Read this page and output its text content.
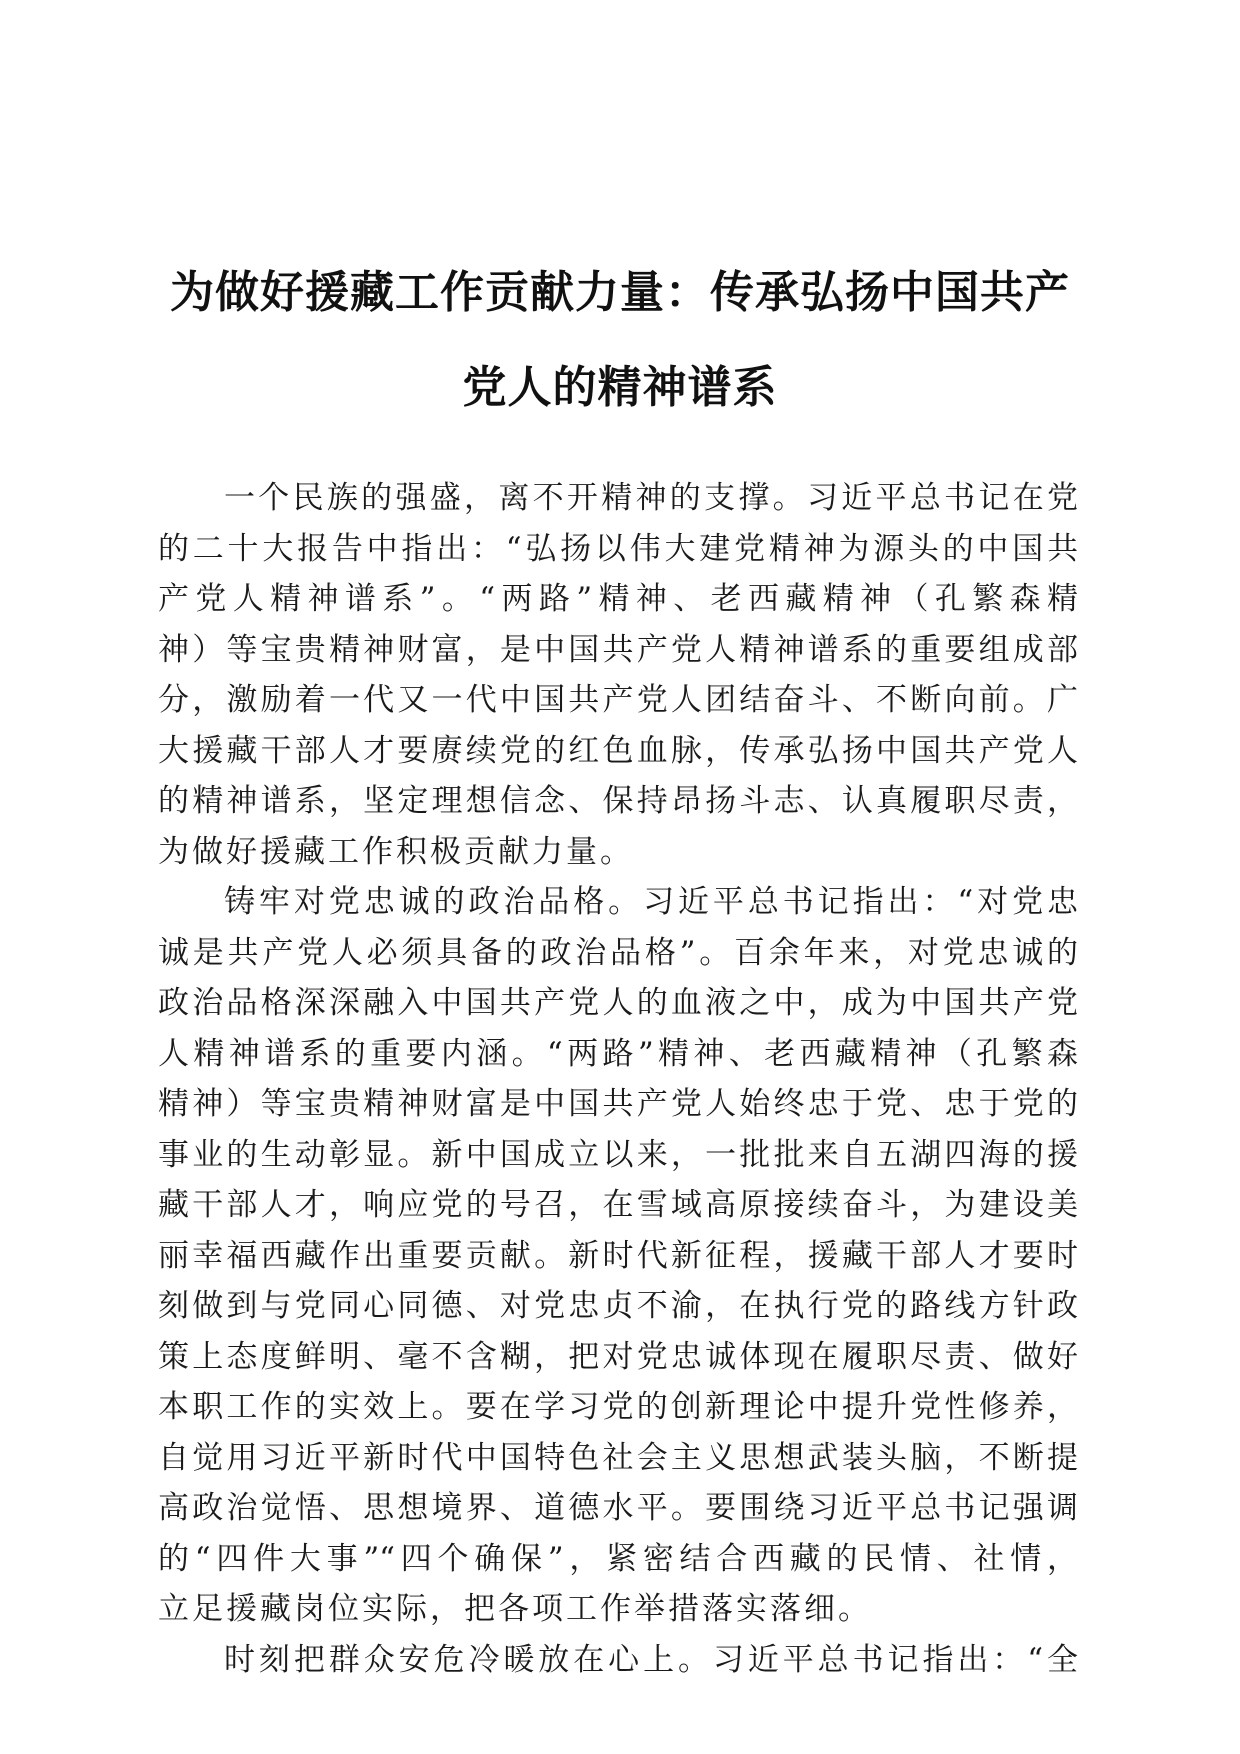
为做好援藏工作贡献力量：传承弘扬中国共产
党人的精神谱系
一个民族的强盛，离不开精神的支撑。习近平总书记在党
的二十大报告中指出：“弘扬以伟大建党精神为源头的中国共
产党人精神谱系”。“两路”精神、老西藏精神（孔繁森精
神）等宝贵精神财富，是中国共产党人精神谱系的重要组成部
分，激励着一代又一代中国共产党人团结奋斗、不断向前。广
大援藏干部人才要赓续党的红色血脉，传承弘扬中国共产党人
的精神谱系，坚定理想信念、保持昂扬斗志、认真履职尽责，
为做好援藏工作积极贡献力量。
铸牢对党忠诚的政治品格。习近平总书记指出：“对党忠
诚是共产党人必须具备的政治品格”。百余年来，对党忠诚的
政治品格深深融入中国共产党人的血液之中，成为中国共产党
人精神谱系的重要内涵。“两路”精神、老西藏精神（孔繁森
精神）等宝贵精神财富是中国共产党人始终忠于党、忠于党的
事业的生动彰显。新中国成立以来，一批批来自五湖四海的援
藏干部人才，响应党的号召，在雪域高原接续奋斗，为建设美
丽幸福西藏作出重要贡献。新时代新征程，援藏干部人才要时
刻做到与党同心同德、对党忠贞不渝，在执行党的路线方针政
策上态度鲜明、毫不含糊，把对党忠诚体现在履职尽责、做好
本职工作的实效上。要在学习党的创新理论中提升党性修养，
自觉用习近平新时代中国特色社会主义思想武装头脑，不断提
高政治觉悟、思想境界、道德水平。要围绕习近平总书记强调
的“四件大事”“四个确保”，紧密结合西藏的民情、社情，
立足援藏岗位实际，把各项工作举措落实落细。
时刻把群众安危冷暖放在心上。习近平总书记指出：“全
